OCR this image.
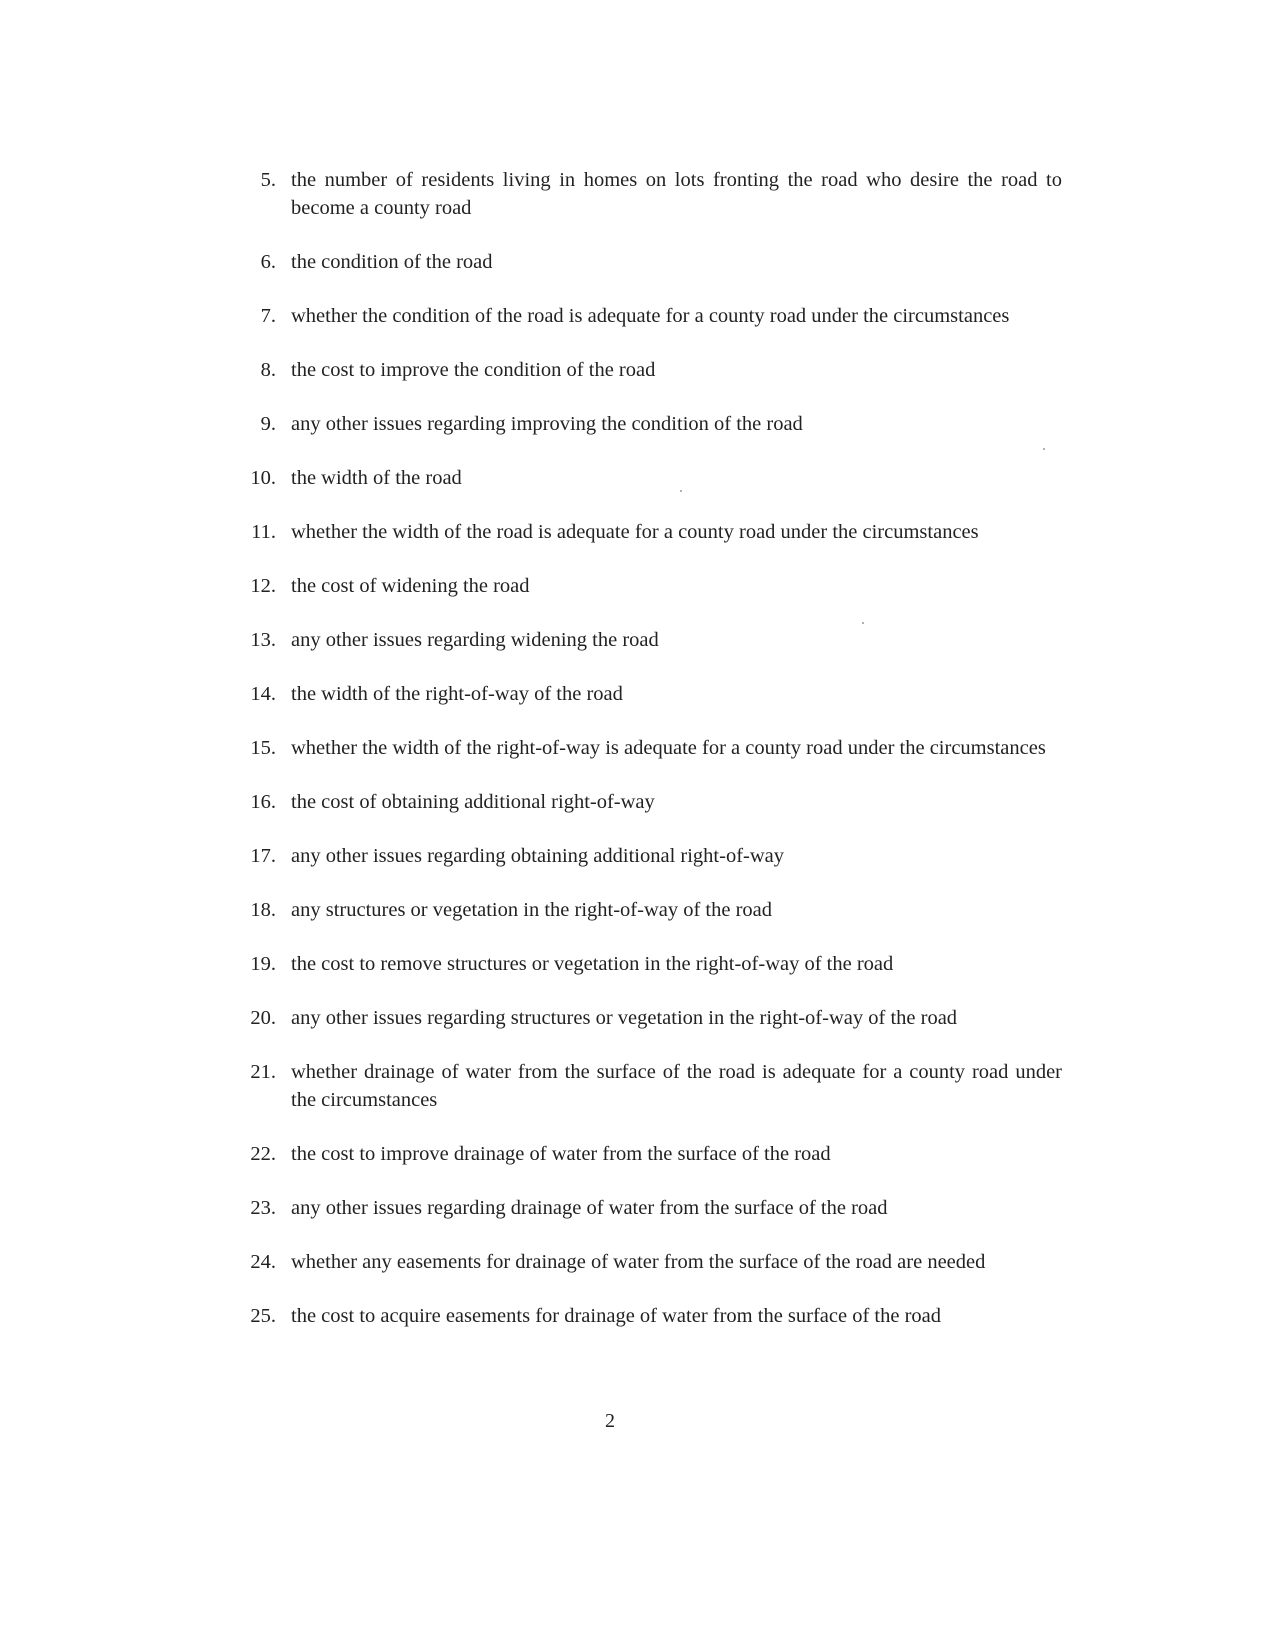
5. the number of residents living in homes on lots fronting the road who desire the road to become a county road
6. the condition of the road
7. whether the condition of the road is adequate for a county road under the circumstances
8. the cost to improve the condition of the road
9. any other issues regarding improving the condition of the road
10. the width of the road
11. whether the width of the road is adequate for a county road under the circumstances
12. the cost of widening the road
13. any other issues regarding widening the road
14. the width of the right-of-way of the road
15. whether the width of the right-of-way is adequate for a county road under the circumstances
16. the cost of obtaining additional right-of-way
17. any other issues regarding obtaining additional right-of-way
18. any structures or vegetation in the right-of-way of the road
19. the cost to remove structures or vegetation in the right-of-way of the road
20. any other issues regarding structures or vegetation in the right-of-way of the road
21. whether drainage of water from the surface of the road is adequate for a county road under the circumstances
22. the cost to improve drainage of water from the surface of the road
23. any other issues regarding drainage of water from the surface of the road
24. whether any easements for drainage of water from the surface of the road are needed
25. the cost to acquire easements for drainage of water from the surface of the road
2
